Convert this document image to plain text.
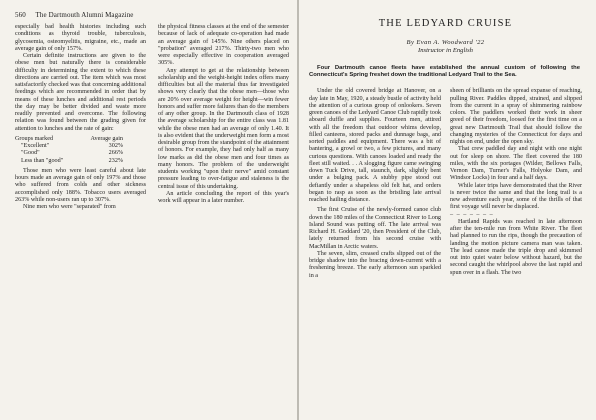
560 The Dartmouth Alumni Magazine

especially bad health histories including such conditions as thyroid trouble, tuberculosis, glycosemia, osteomyelitis, migraine, etc., made an average gain of only 157%.

Certain definite instructions are given to the obese men but naturally there is considerable difficulty in determining the extent to which these directions are carried out. The item which was most satisfactorily checked was that concerning additional feedings which are recommended in order that by means of these lunches and additional rest periods the day may be better divided and waste more readily prevented and overcome. The following relation was found between the grading given for attention to lunches and the rate of gain:

Groups marked	Average gain
"Excellent"	302%
"Good"	266%
Less than "good"	232%

Those men who were least careful about late hours made an average gain of only 197% and those who suffered from colds and other sickness accomplished only 188%. Tobacco users averaged 263% while non-users ran up to 307%.

Nine men who were "separated" from

the physical fitness classes at the end of the semester because of lack of adequate co-operation had made an average gain of 145%. Nine others placed on "probation" averaged 217%. Thirty-two men who were especially effective in cooperation averaged 305%.

Any attempt to get at the relationship between scholarship and the weight-height index offers many difficulties but all the material thus far investigated shows very clearly that the obese men—those who are 20% over average weight for height—win fewer honors and suffer more failures than do the members of any other group. In the Dartmouth class of 1928 the average scholarship for the entire class was 1.81 while the obese men had an average of only 1.40. It is also evident that the underweight men form a most desirable group from the standpoint of the attainment of honors. For example, they had only half as many low marks as did the obese men and four times as many honors. The problem of the underweight students working "upon their nerve" amid constant pressure leading to over-fatigue and staleness is the central issue of this undertaking.

An article concluding the report of this year's work will appear in a later number.

THE LEDYARD CRUISE

By Evan A. Woodward '22

Instructor in English

Four Dartmouth canoe fleets have established the annual custom of following the Connecticut's Spring freshet down the traditional Ledyard Trail to the Sea.

Under the old covered bridge at Hanover, on a day late in May, 1920, a steady bustle of activity held the attention of a curious group of onlookers. Seven green canoes of the Ledyard Canoe Club rapidly took aboard duffle and supplies. Fourteen men, attired with all the freedom that outdoor whims develop, filled canteens, stored packs and dunnage bags, and sorted paddles and equipment. There was a bit of bantering, a growl or two, a few pictures, and many curious questions. With canoes loaded and ready the fleet still waited. . . A slogging figure came swinging down Tuck Drive, tall, staunch, dark, slightly bent under a bulging pack. A stubby pipe stood out defiantly under a shapeless old felt hat, and orders began to rasp as soon as the bristling late arrival reached hailing distance.

The first Cruise of the newly-formed canoe club down the 180 miles of the Connecticut River to Long Island Sound was putting off. The late arrival was Richard H. Goddard '20, then President of the Club, lately returned from his second cruise with MacMillan in Arctic waters.

The seven, slim, creased crafts slipped out of the bridge shadow into the bracing down-current with a freshening breeze. The early afternoon sun sparkled in a

sheen of brilliants on the spread expanse of reaching, pulling River. Paddles dipped, strained, and slipped from the current in a spray of shimmering rainbow colors. The paddlers worked their work in sheer greed of their freedom, loosed for the first time on a great new Dartmouth Trail that should follow the changing mysteries of the Connecticut for days and nights on end, under the open sky.

That crew paddled day and night with one night out for sleep on shore. The fleet covered the 180 miles, with the six portages (Wilder, Bellows Falls, Vernon Dam, Turner's Falls, Holyoke Dam, and Windsor Locks) in four and a half days.

While later trips have demonstrated that the River is never twice the same and that the long trail is a new adventure each year, some of the thrills of that first voyage will never be displaced.

– – – – – – –

Hartland Rapids was reached in late afternoon after the ten-mile run from White River. The fleet had planned to run the rips, though the precaution of landing the motion picture camera man was taken. The lead canoe made the triple drop and skimmed out into quiet water below without hazard, but the second caught the whirlpool above the last rapid and spun over in a flash. The two
